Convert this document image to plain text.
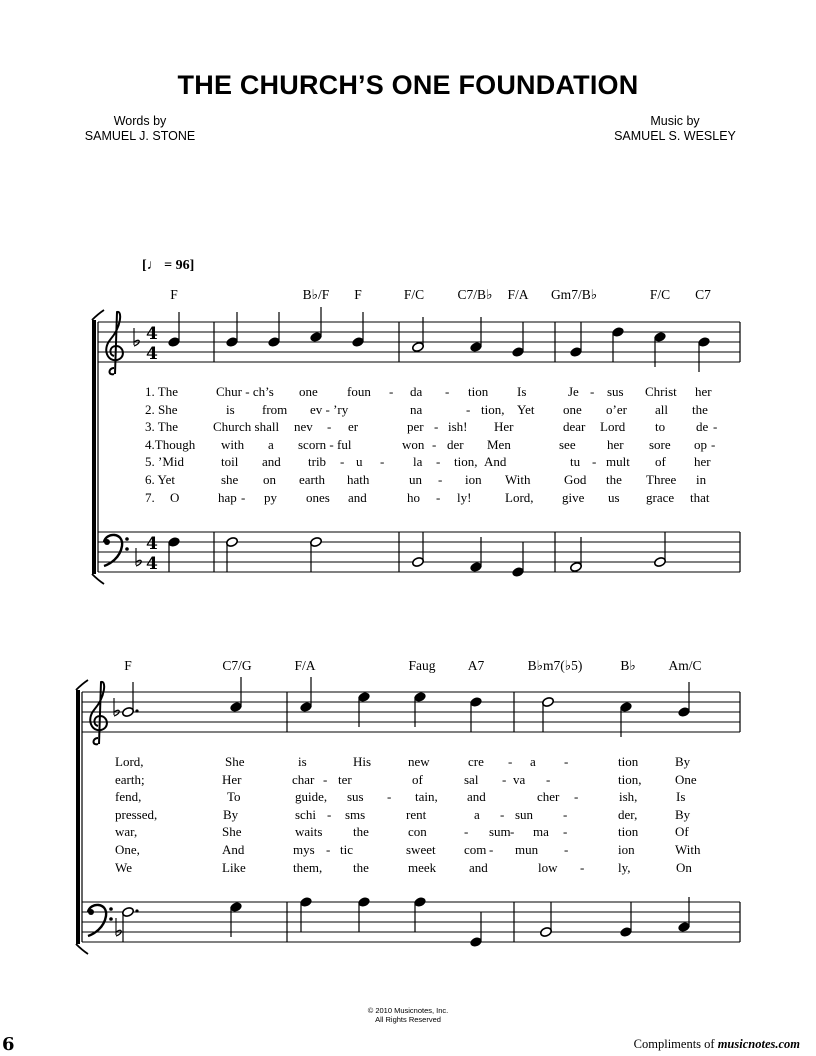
THE CHURCH’S ONE FOUNDATION
Words by
SAMUEL J. STONE
Music by
SAMUEL S. WESLEY
[♩ = 96]
4
4
4
4
F	B♭/F F	F/C C7/B♭ F/A Gm7/B♭	F/C C7
1. The	Chur - ch’s one foun - da - tion Is	Je - sus Christ her
2. She	is from ev - ’ry	na	- tion, Yet one o’er all the
3. The	Church shall nev - er	per - ish! Her	dear Lord to de -
4.Though with a scorn - ful	won - der Men	see her sore op -
5. ’Mid	toil and trib - u - la - tion, And	tu - mult of her
6. Yet	she on earth hath	un - ion With	God the Three in
7. O	hap - py ones and	ho - ly!	Lord, give us grace that
F	C7/G	F/A	Faug A7	B♭m7(♭5)	B♭ Am/C
Lord,	She	is	His	new	cre - a -	tion	By
earth;	Her	char - ter	of	sal - va -	tion,	One
fend,	To	guide, sus - tain, and	cher -	ish,	Is
pressed,	By	schi - sms	rent	a - sun -	der,	By
war,	She	waits the	con	- sum - ma -	tion	Of
One,	And	mys - tic	sweet com - mun -	ion	With
We	Like	them, the	meek	and	low -	ly,	On
© 2010 Musicnotes, Inc.
All Rights Reserved
6	Compliments of musicnotes.com
